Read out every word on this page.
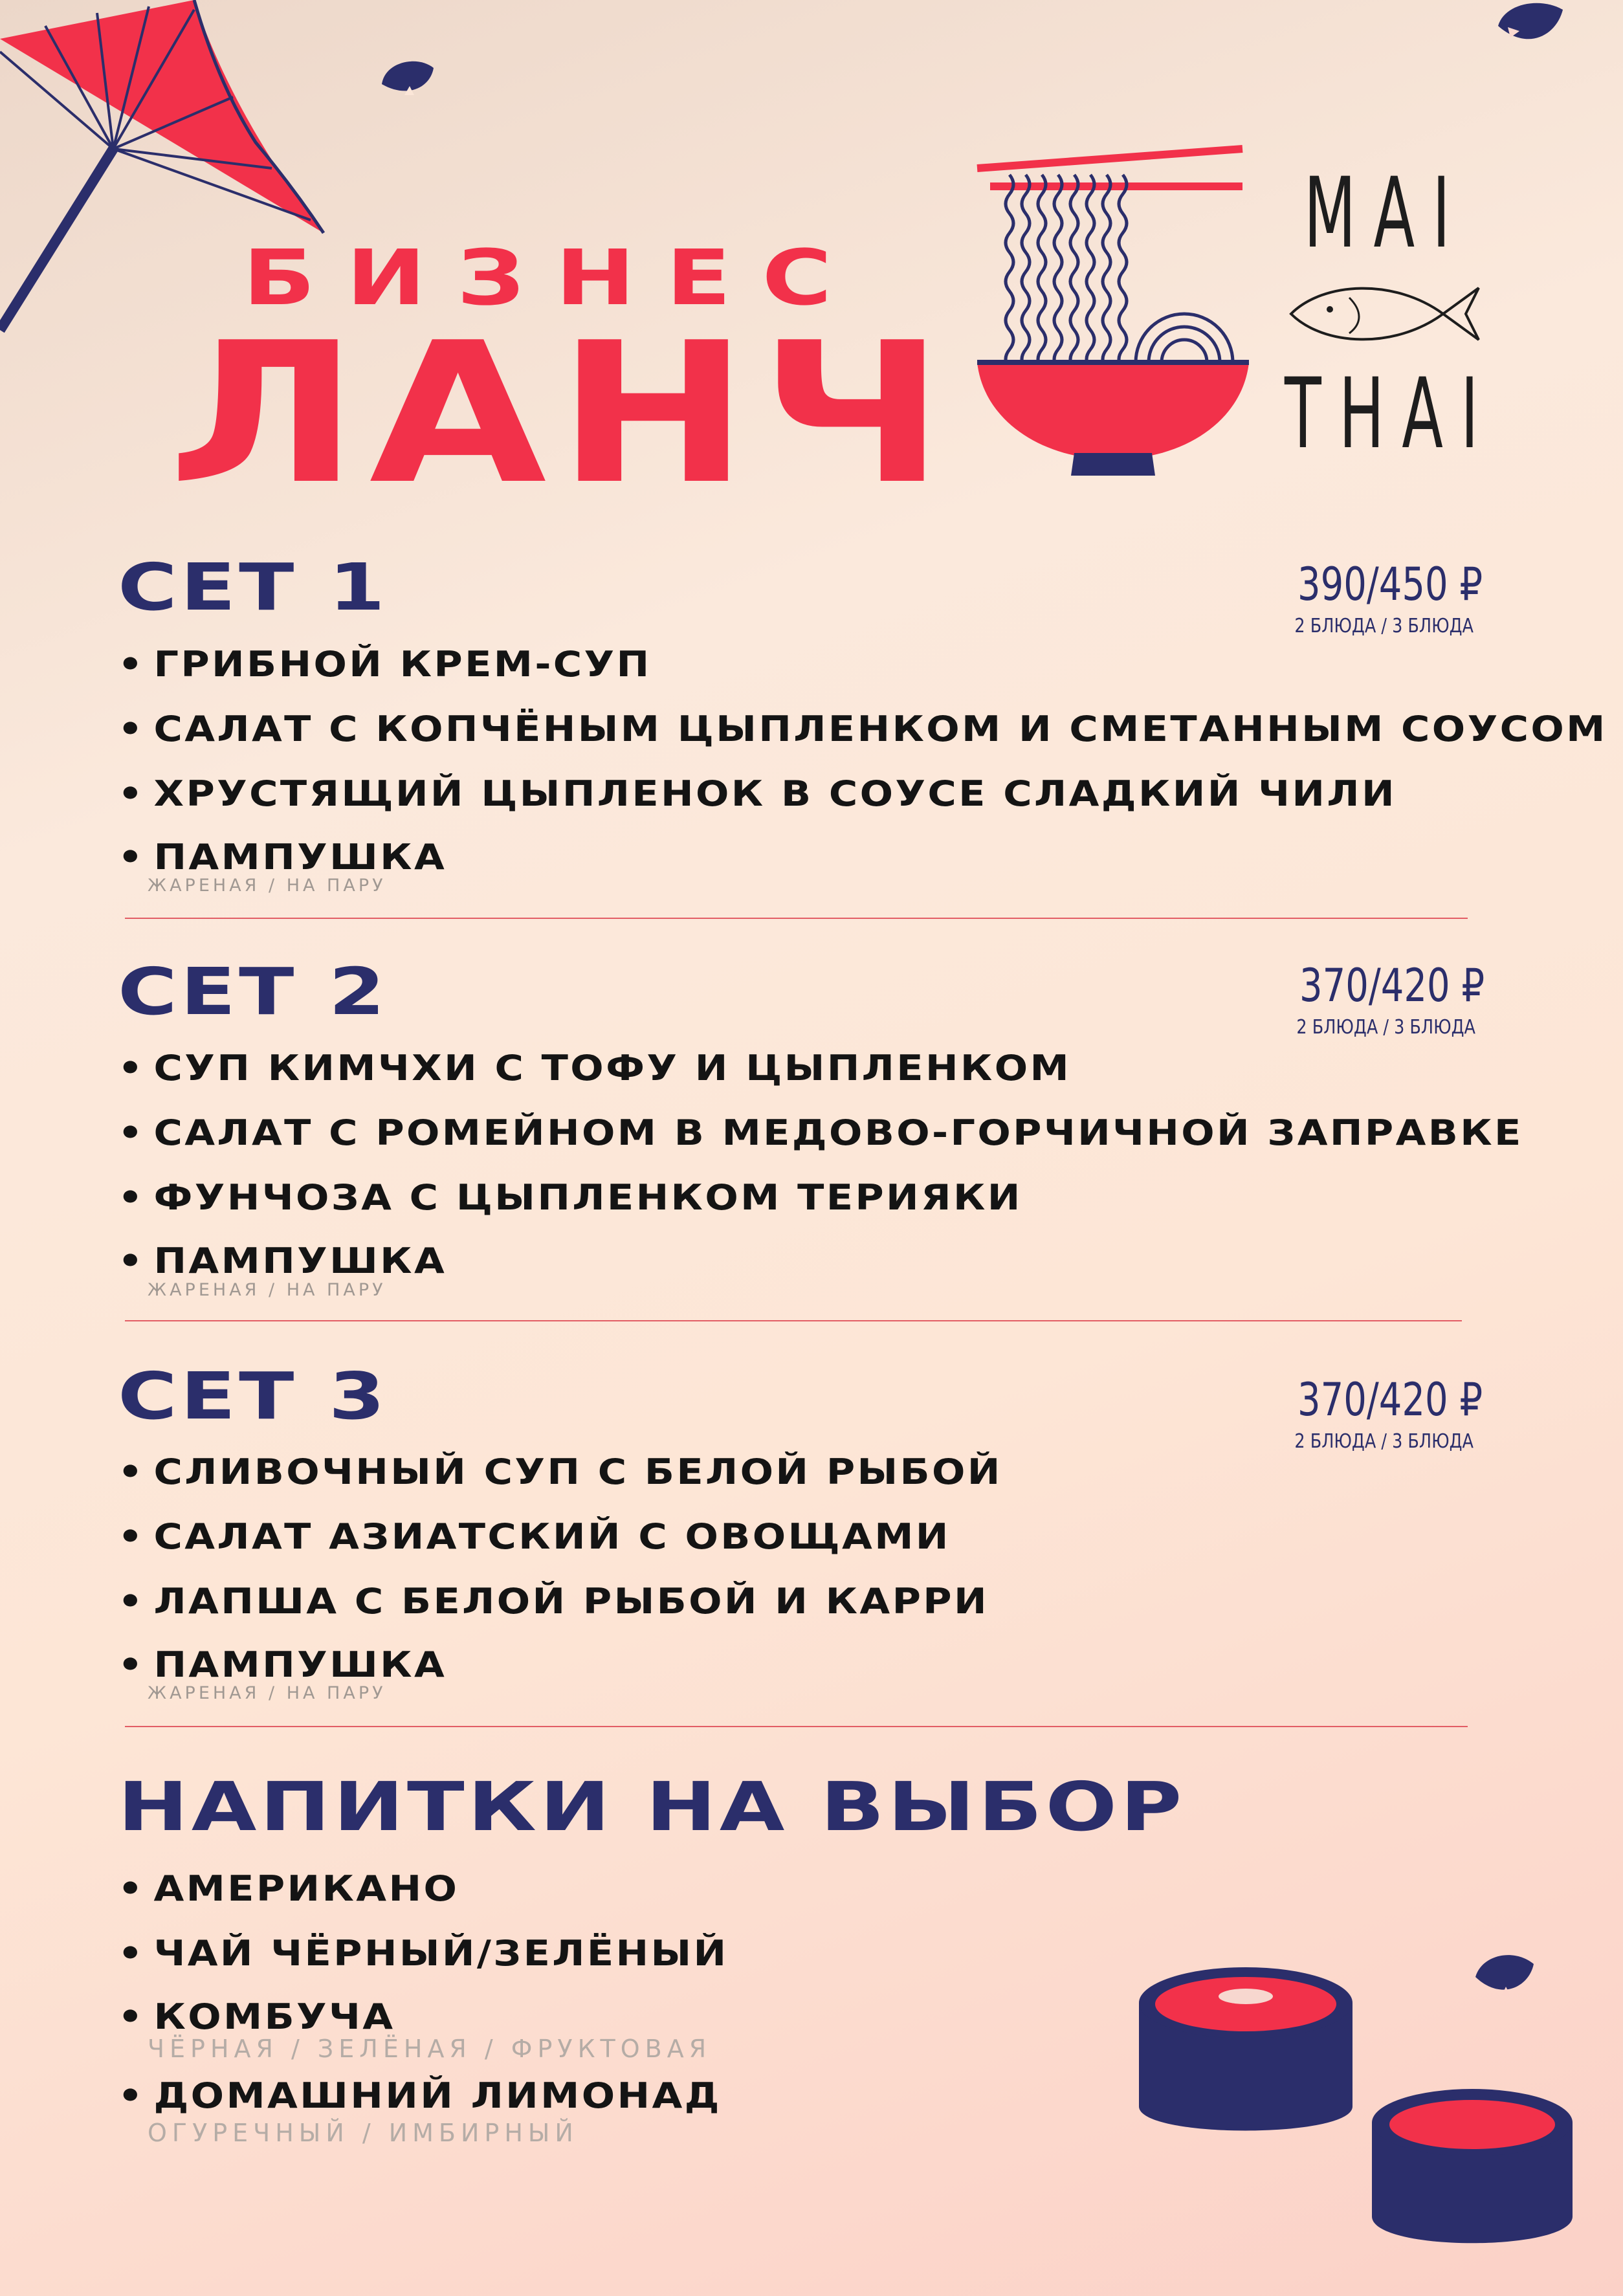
БИЗНЕС
ЛАНЧ
MAI
THAI
СЕТ 1	390/450 ₽
2 БЛЮДА / 3 БЛЮДА
• ГРИБНОЙ КРЕМ-СУП
• САЛАТ С КОПЧЁНЫМ ЦЫПЛЕНКОМ И СМЕТАННЫМ СОУСОМ
• ХРУСТЯЩИЙ ЦЫПЛЕНОК В СОУСЕ СЛАДКИЙ ЧИЛИ
• ПАМПУШКА
ЖАРЕНАЯ / НА ПАРУ
СЕТ 2	370/420 ₽
2 БЛЮДА / 3 БЛЮДА
• СУП КИМЧХИ С ТОФУ И ЦЫПЛЕНКОМ
• САЛАТ С РОМЕЙНОМ В МЕДОВО-ГОРЧИЧНОЙ ЗАПРАВКЕ
• ФУНЧОЗА С ЦЫПЛЕНКОМ ТЕРИЯКИ
• ПАМПУШКА
ЖАРЕНАЯ / НА ПАРУ
СЕТ 3	370/420 ₽
2 БЛЮДА / 3 БЛЮДА
• СЛИВОЧНЫЙ СУП С БЕЛОЙ РЫБОЙ
• САЛАТ АЗИАТСКИЙ С ОВОЩАМИ
• ЛАПША С БЕЛОЙ РЫБОЙ И КАРРИ
• ПАМПУШКА
ЖАРЕНАЯ / НА ПАРУ
НАПИТКИ НА ВЫБОР
• АМЕРИКАНО
• ЧАЙ ЧЁРНЫЙ/ЗЕЛЁНЫЙ
• КОМБУЧА
ЧЁРНАЯ / ЗЕЛЁНАЯ / ФРУКТОВАЯ
• ДОМАШНИЙ ЛИМОНАД
ОГУРЕЧНЫЙ / ИМБИРНЫЙ
